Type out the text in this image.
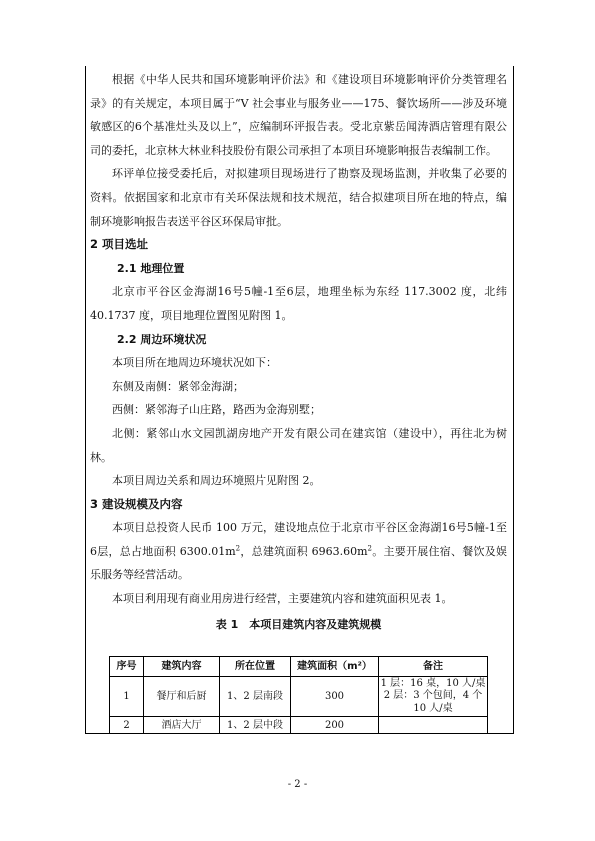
根据《中华人民共和国环境影响评价法》和《建设项目环境影响评价分类管理名录》的有关规定，本项目属于“V 社会事业与服务业——175、餐饮场所——涉及环境敏感区的6个基准灶头及以上”，应编制环评报告表。受北京紫岳闻涛酒店管理有限公司的委托，北京林大林业科技股份有限公司承担了本项目环境影响报告表编制工作。

环评单位接受委托后，对拟建项目现场进行了勘察及现场监测，并收集了必要的资料。依据国家和北京市有关环保法规和技术规范，结合拟建项目所在地的特点，编制环境影响报告表送平谷区环保局审批。

2 项目选址

2.1 地理位置

北京市平谷区金海湖16号5幢-1至6层，地理坐标为东经 117.3002 度，北纬 40.1737 度，项目地理位置图见附图 1。

2.2 周边环境状况

本项目所在地周边环境状况如下：

东侧及南侧：紧邻金海湖；

西侧：紧邻海子山庄路，路西为金海别墅；

北侧：紧邻山水文园凯湖房地产开发有限公司在建宾馆（建设中），再往北为树林。

本项目周边关系和周边环境照片见附图 2。

3 建设规模及内容

本项目总投资人民币 100 万元，建设地点位于北京市平谷区金海湖16号5幢-1至6层，总占地面积 $6300.01m^2$，总建筑面积 $6963.60m^2$。主要开展住宿、餐饮及娱乐服务等经营活动。

本项目利用现有商业用房进行经营，主要建筑内容和建筑面积见表 1。

表 1　本项目建筑内容及建筑规模

序号	建筑内容	所在位置	建筑面积（m²）	备注
1	餐厅和后厨	1、2 层南段	300	1 层：16 桌，10 人/桌
2 层：3 个包间，4 个 10 人/桌
2	酒店大厅	1、2 层中段	200	
- 2 -
